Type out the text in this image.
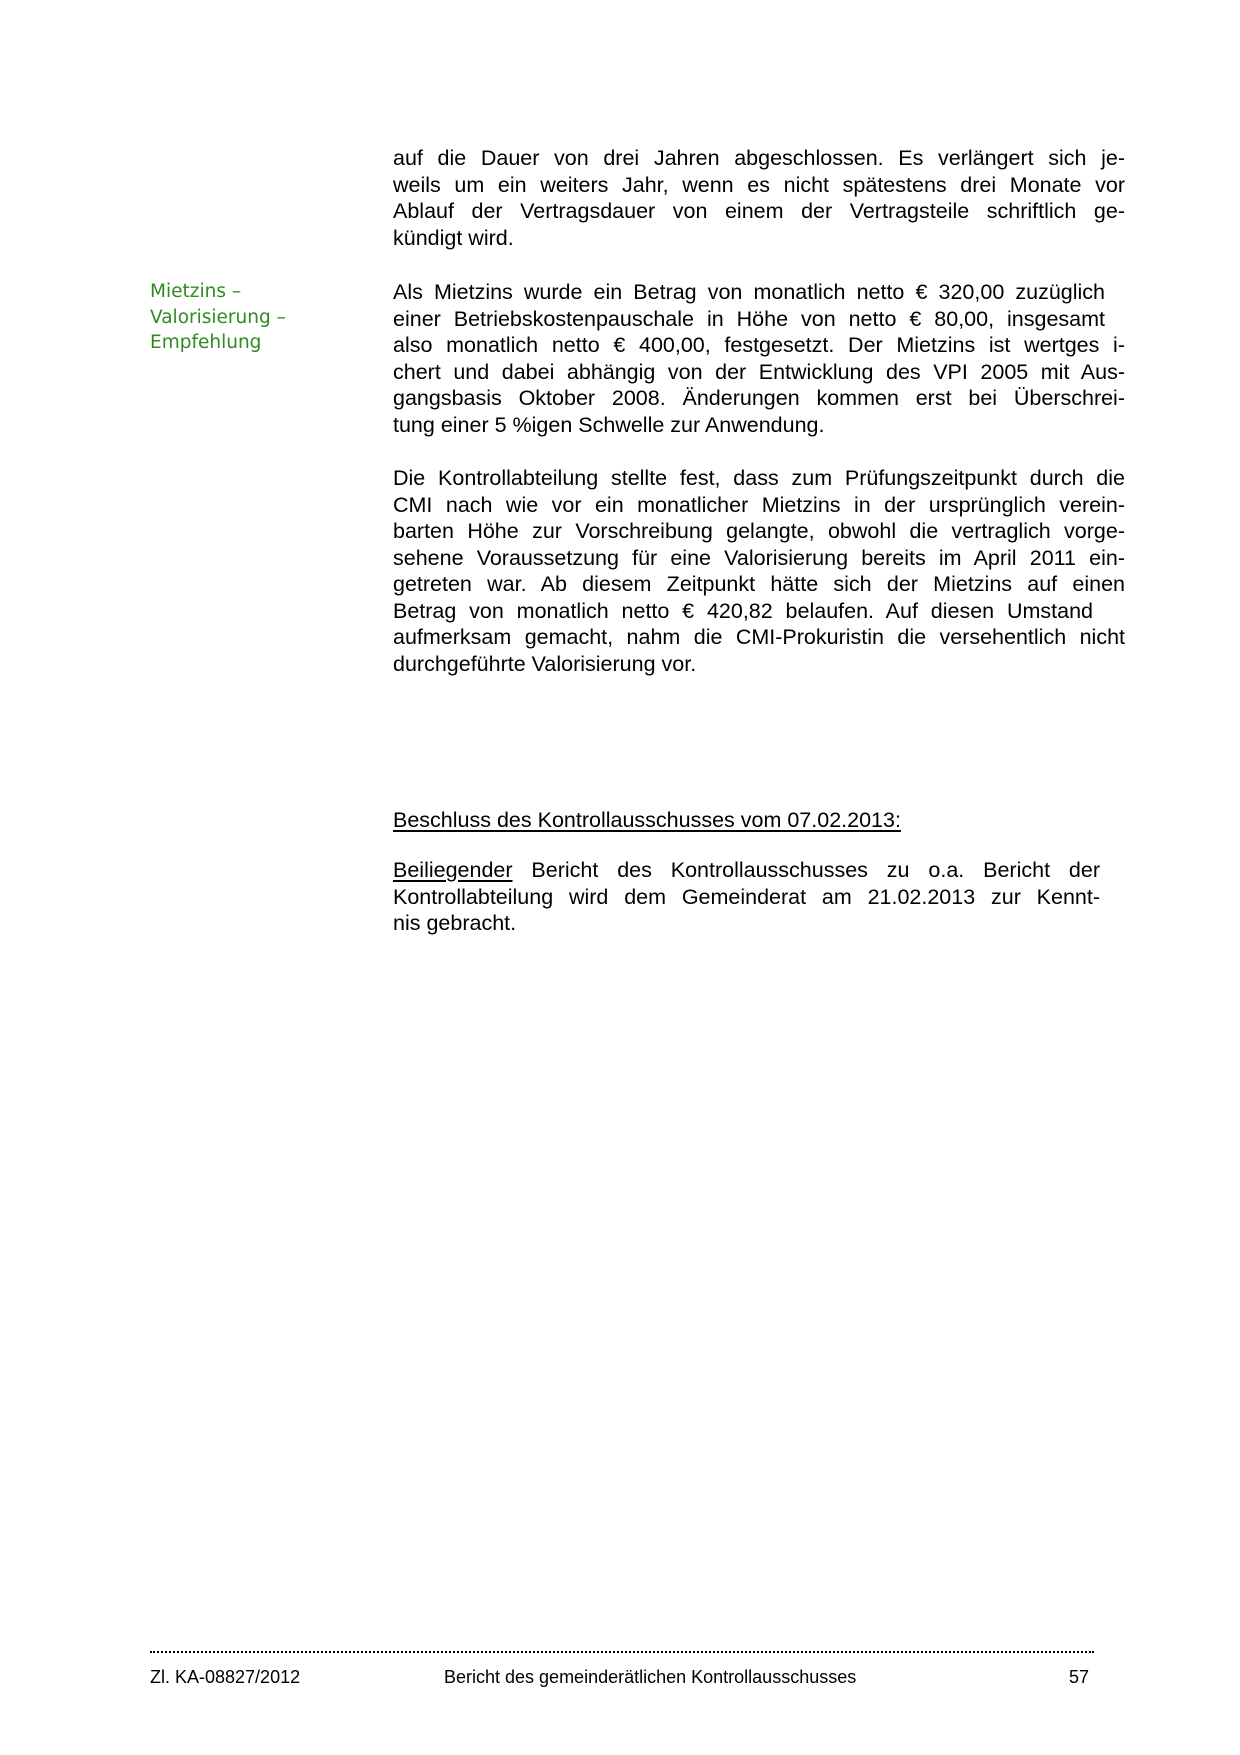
Mietzins –
Valorisierung –
Empfehlung
auf die Dauer von drei Jahren abgeschlossen. Es verlängert sich je-
weils um ein weiters Jahr, wenn es nicht spätestens drei Monate vor
Ablauf der Vertragsdauer von einem der Vertragsteile schriftlich ge-
kündigt wird.
Als Mietzins wurde ein Betrag von monatlich netto € 320,00 zuzüglich
einer Betriebskostenpauschale in Höhe von netto € 80,00, insgesamt
also monatlich netto € 400,00, festgesetzt. Der Mietzins ist wertges i-
chert und dabei abhängig von der Entwicklung des VPI 2005 mit Aus-
gangsbasis Oktober 2008. Änderungen kommen erst bei Überschrei-
tung einer 5 %igen Schwelle zur Anwendung.
Die Kontrollabteilung stellte fest, dass zum Prüfungszeitpunkt durch die
CMI nach wie vor ein monatlicher Mietzins in der ursprünglich verein-
barten Höhe zur Vorschreibung gelangte, obwohl die vertraglich vorge-
sehene Voraussetzung für eine Valorisierung bereits im April 2011 ein-
getreten war. Ab diesem Zeitpunkt hätte sich der Mietzins auf einen
Betrag von monatlich netto € 420,82 belaufen. Auf diesen Umstand
aufmerksam gemacht, nahm die CMI-Prokuristin die versehentlich nicht
durchgeführte Valorisierung vor.
Beschluss des Kontrollausschusses vom 07.02.2013:
Beiliegender Bericht des Kontrollausschusses zu o.a. Bericht der
Kontrollabteilung wird dem Gemeinderat am 21.02.2013 zur Kennt-
nis gebracht.
Zl. KA-08827/2012	Bericht des gemeinderätlichen Kontrollausschusses	57
